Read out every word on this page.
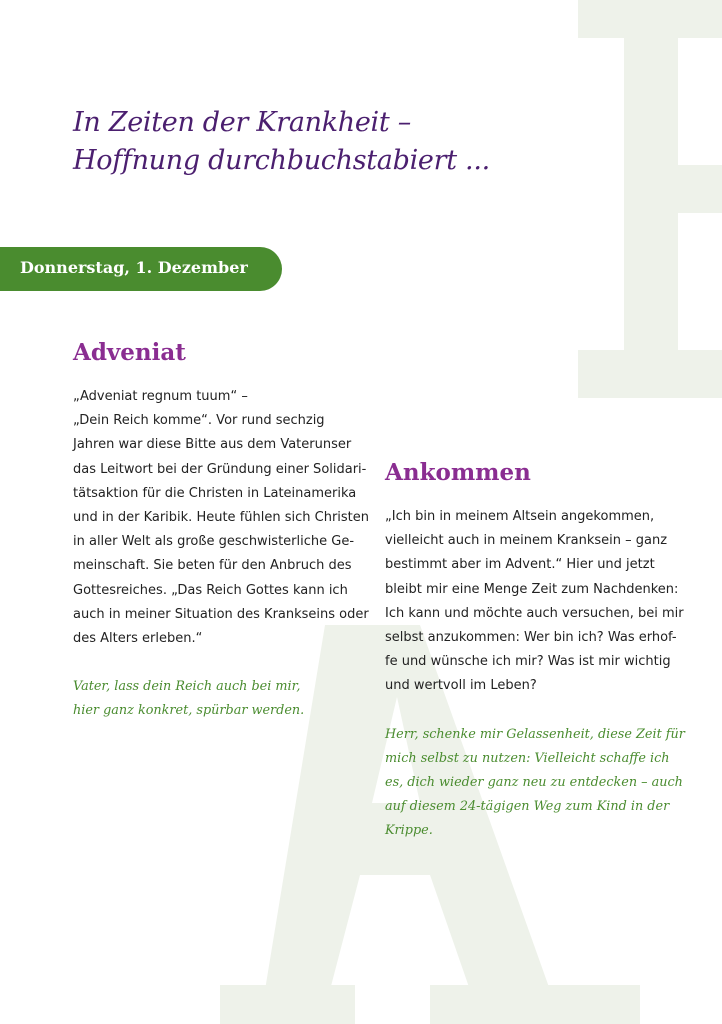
In Zeiten der Krankheit –
Hoffnung durchbuchstabiert ...
Donnerstag, 1. Dezember
Adveniat

„Adveniat regnum tuum“ –
„Dein Reich komme“. Vor rund sechzig
Jahren war diese Bitte aus dem Vaterunser
das Leitwort bei der Gründung einer Solidari-
tätsaktion für die Christen in Lateinamerika
und in der Karibik. Heute fühlen sich Christen
in aller Welt als große geschwisterliche Ge-
meinschaft. Sie beten für den Anbruch des
Gottesreiches. „Das Reich Gottes kann ich
auch in meiner Situation des Krankseins oder
des Alters erleben.“

Vater, lass dein Reich auch bei mir,
hier ganz konkret, spürbar werden.

Ankommen

„Ich bin in meinem Altsein angekommen,
vielleicht auch in meinem Kranksein – ganz
bestimmt aber im Advent.“ Hier und jetzt
bleibt mir eine Menge Zeit zum Nachdenken:
Ich kann und möchte auch versuchen, bei mir
selbst anzukommen: Wer bin ich? Was erhof-
fe und wünsche ich mir? Was ist mir wichtig
und wertvoll im Leben?

Herr, schenke mir Gelassenheit, diese Zeit für
mich selbst zu nutzen: Vielleicht schaffe ich
es, dich wieder ganz neu zu entdecken – auch
auf diesem 24-tägigen Weg zum Kind in der
Krippe.
